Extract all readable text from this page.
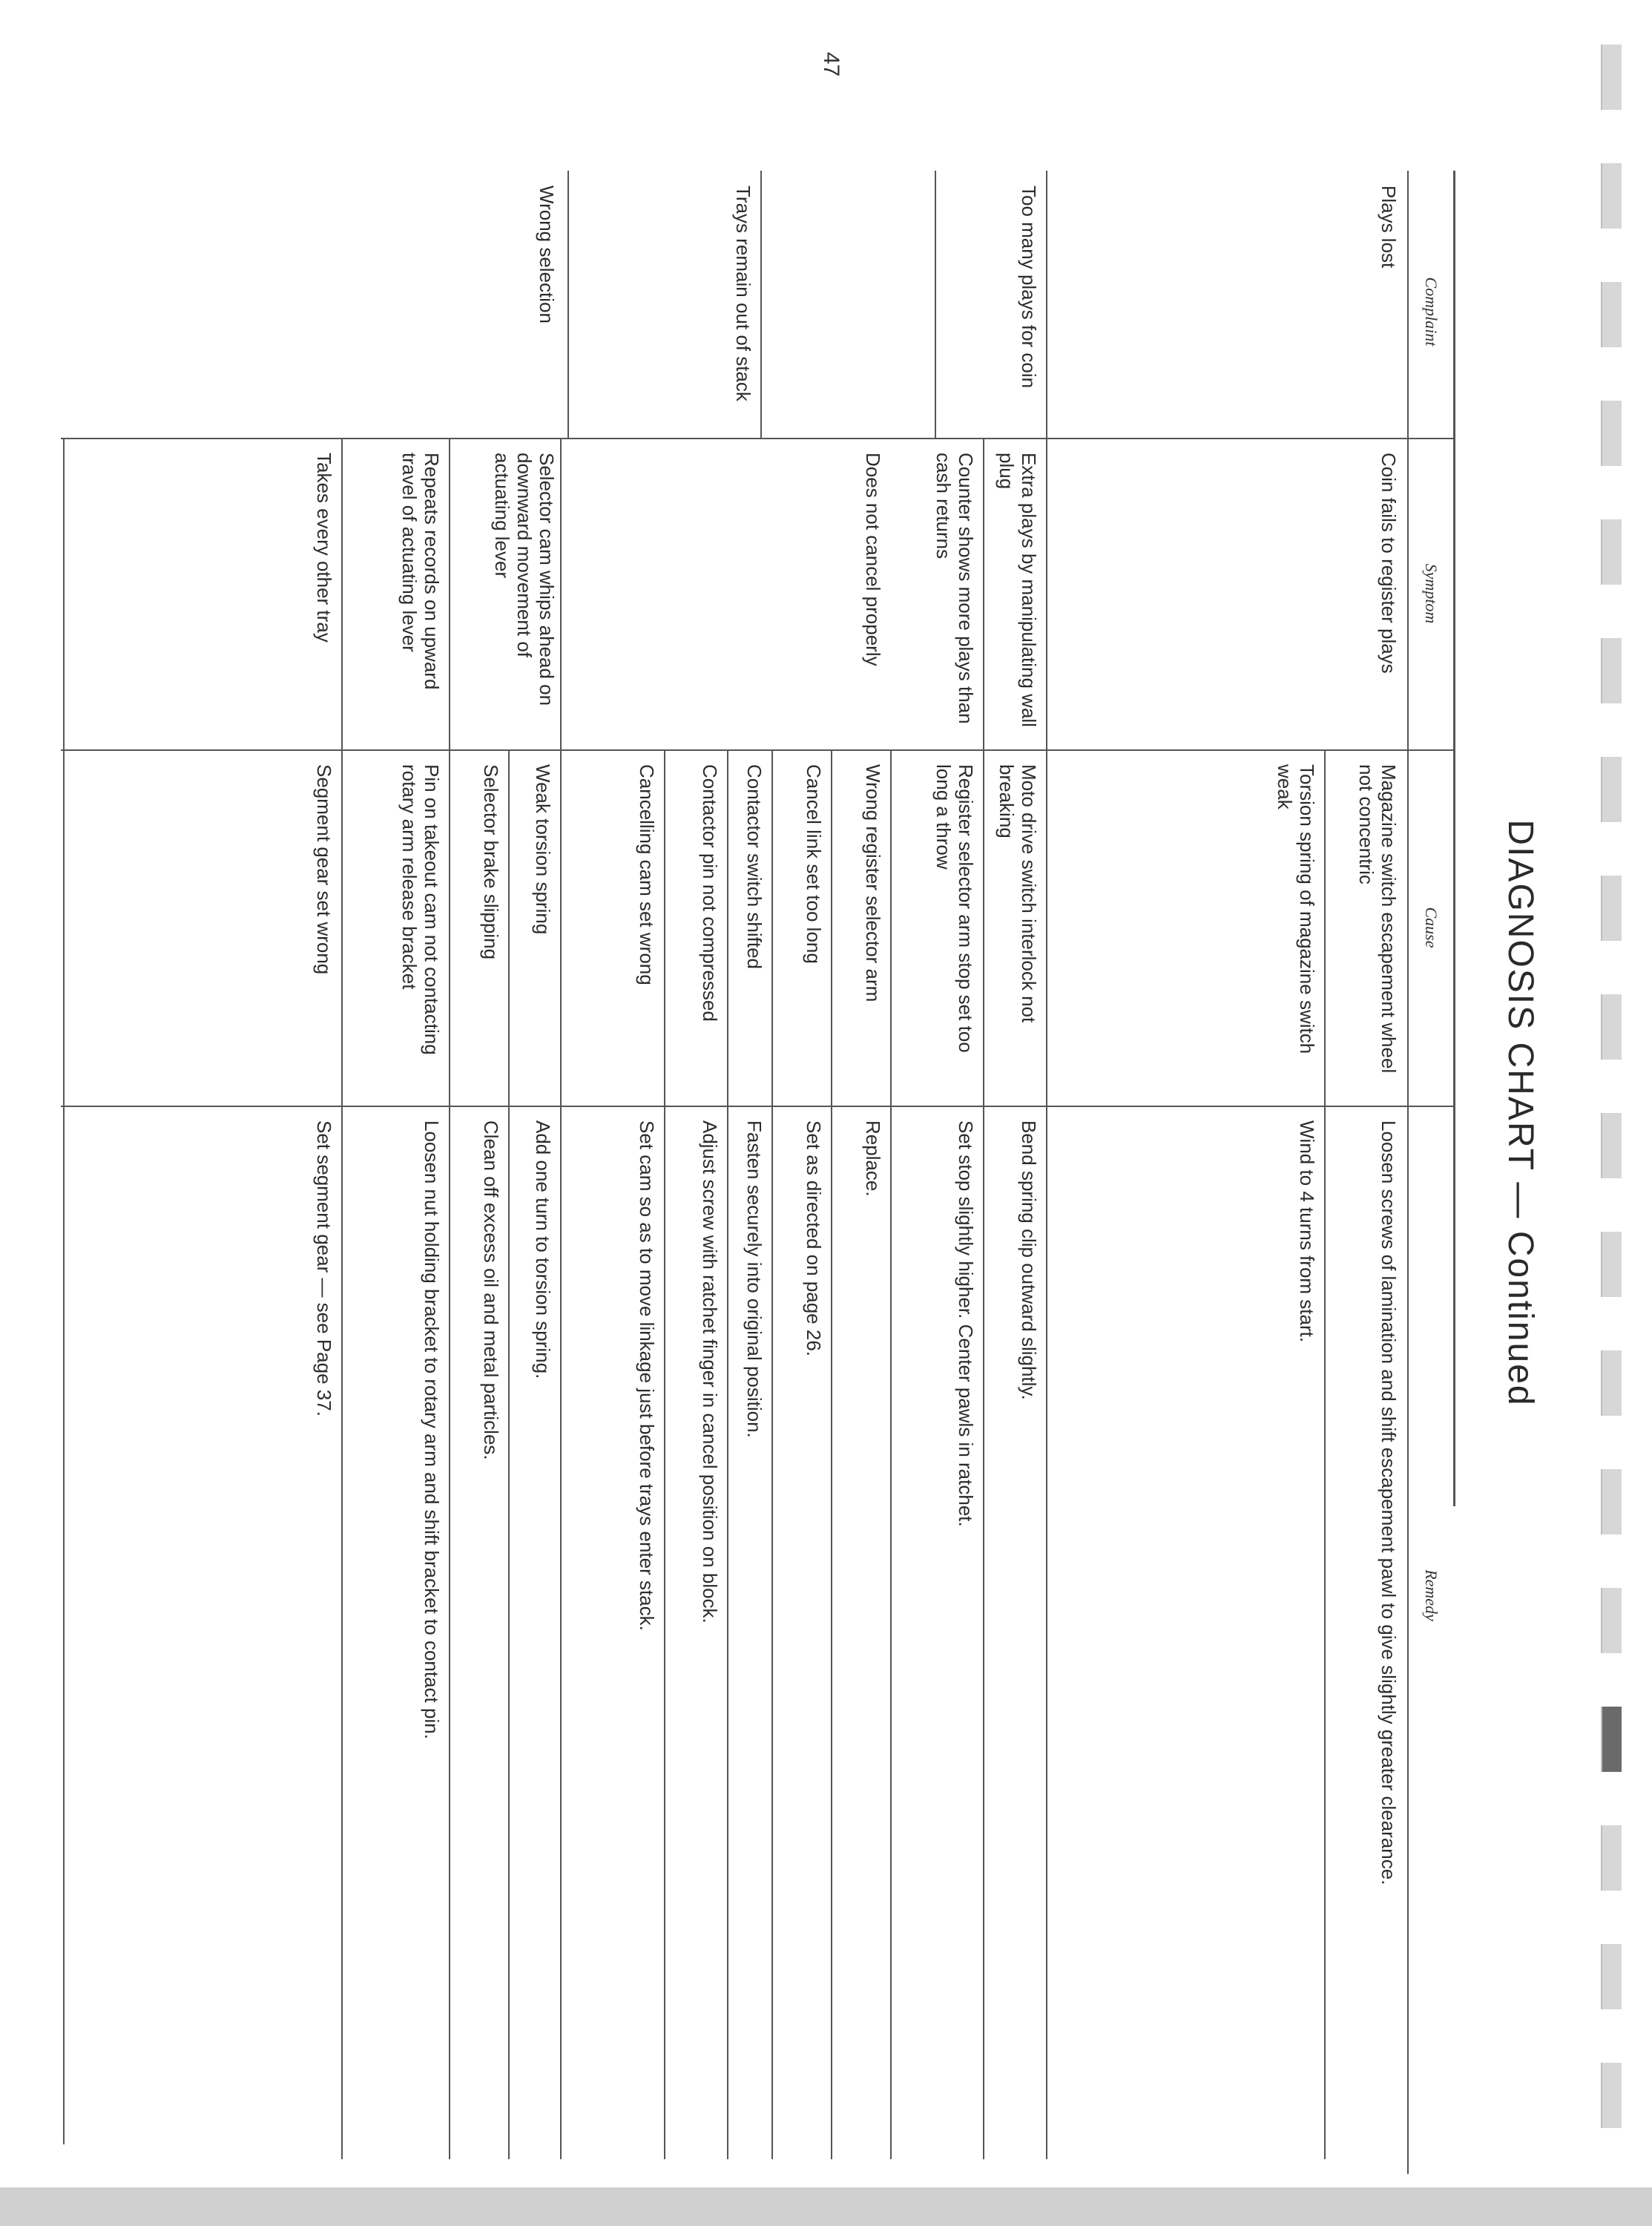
DIAGNOSIS CHART — Continued
47
Complaint
Symptom
Cause
Remedy
Plays lost
Too many plays for coin
Trays remain out of stack
Wrong selection
Coin fails to register plays
Extra plays by manipulating wall plug
Counter shows more plays than cash returns
Does not cancel properly
Selector cam whips ahead on downward movement of actuating lever
Repeats records on upward travel of actuating lever
Takes every other tray
Magazine switch escapement wheel not concentric
Loosen screws of lamination and shift escapement pawl to give slightly greater clearance.
Torsion spring of magazine switch weak
Wind to 4 turns from start.
Moto drive switch interlock not breaking
Bend spring clip outward slightly.
Register selector arm stop set too long a throw
Set stop slightly higher. Center pawls in ratchet.
Wrong register selector arm
Replace.
Cancel link set too long
Set as directed on page 26.
Contactor switch shifted
Fasten securely into original position.
Contactor pin not compressed
Adjust screw with ratchet finger in cancel position on block.
Cancelling cam set wrong
Set cam so as to move linkage just before trays enter stack.
Weak torsion spring
Add one turn to torsion spring.
Selector brake slipping
Clean off excess oil and metal particles.
Pin on takeout cam not contacting rotary arm release bracket
Loosen nut holding bracket to rotary arm and shift bracket to contact pin.
Segment gear set wrong
Set segment gear — see Page 37.
